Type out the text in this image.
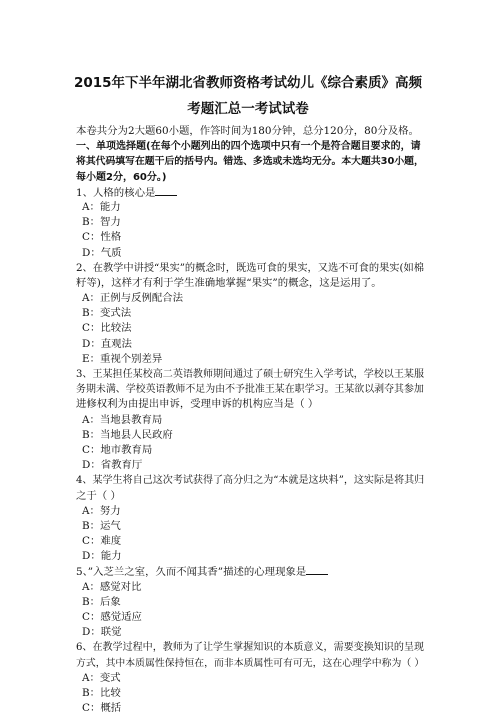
2015年下半年湖北省教师资格考试幼儿《综合素质》高频
考题汇总一考试试卷
本卷共分为2大题60小题，作答时间为180分钟，总分120分，80分及格。
一、单项选择题(在每个小题列出的四个选项中只有一个是符合题目要求的，请
将其代码填写在题干后的括号内。错选、多选或未选均无分。本大题共30小题，
每小题2分，60分。)
1、人格的核心是
A：能力
B：智力
C：性格
D：气质
2、在教学中讲授“果实”的概念时，既选可食的果实，又选不可食的果实(如棉
籽等)，这样才有利于学生准确地掌握“果实”的概念，这是运用了。
A：正例与反例配合法
B：变式法
C：比较法
D：直观法
E：重视个别差异
3、王某担任某校高二英语教师期间通过了硕士研究生入学考试，学校以王某服
务期未满、学校英语教师不足为由不予批准王某在职学习。王某欲以剥夺其参加
进修权利为由提出申诉，受理申诉的机构应当是（ ）
A：当地县教育局
B：当地县人民政府
C：地市教育局
D：省教育厅
4、某学生将自己这次考试获得了高分归之为“本就是这块料”，这实际是将其归
之于（ ）
A：努力
B：运气
C：难度
D：能力
5、”入芝兰之室，久而不闻其香”描述的心理现象是
A：感觉对比
B：后象
C：感觉适应
D：联觉
6、在教学过程中，教师为了让学生掌握知识的本质意义，需要变换知识的呈现
方式，其中本质属性保持恒在，而非本质属性可有可无，这在心理学中称为（ ）
A：变式
B：比较
C：概括
